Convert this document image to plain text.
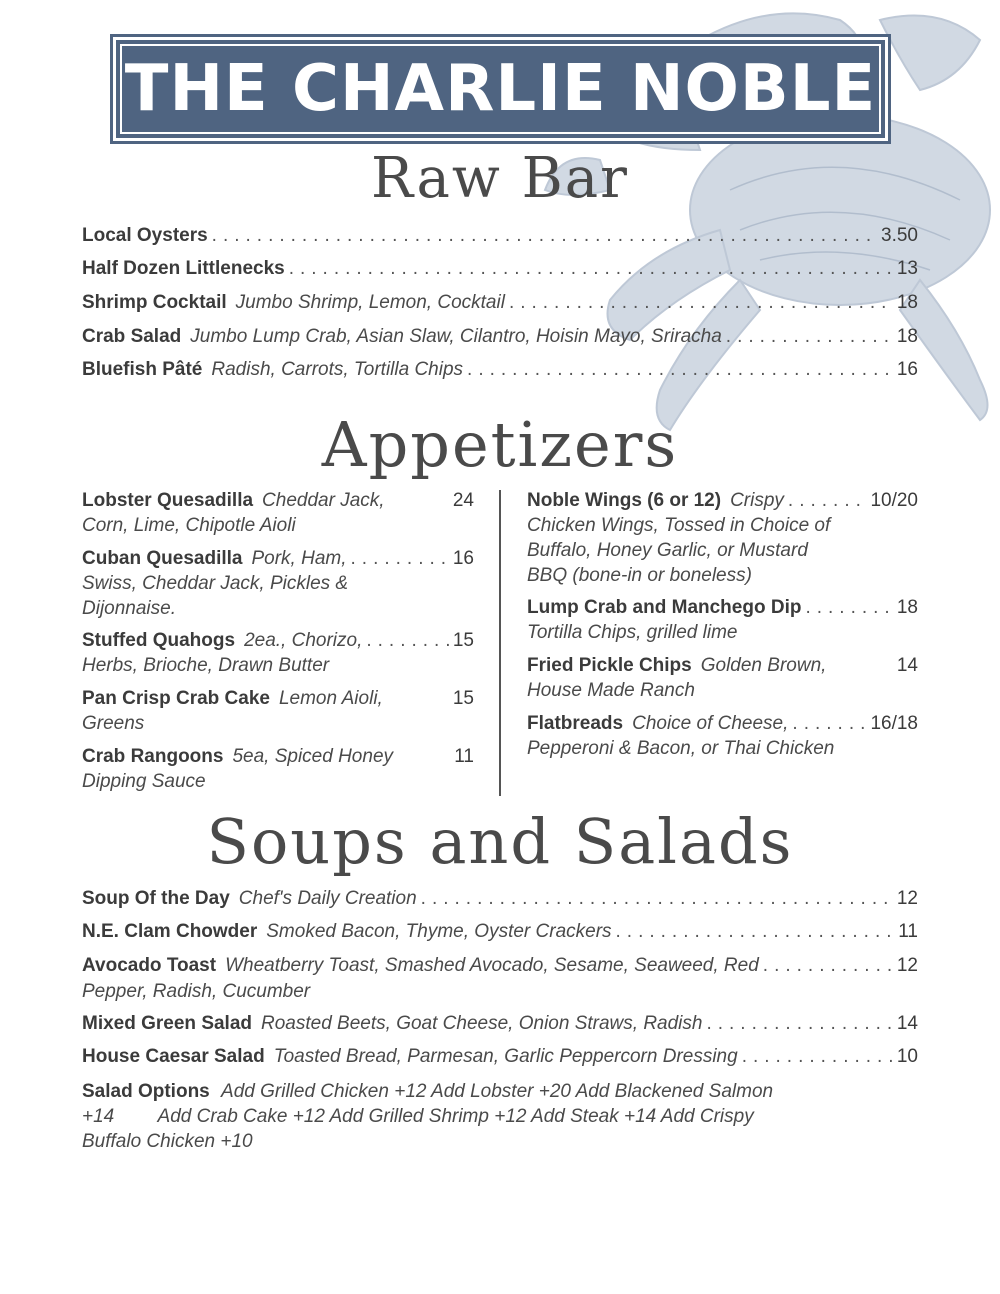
THE CHARLIE NOBLE
Raw Bar
Local Oysters .....	3.50
Half Dozen Littlenecks .....	13
Shrimp Cocktail Jumbo Shrimp, Lemon, Cocktail .....	18
Crab Salad Jumbo Lump Crab, Asian Slaw, Cilantro, Hoisin Mayo, Sriracha .....	18
Bluefish Pâté Radish, Carrots, Tortilla Chips .....	16
Appetizers
Lobster Quesadilla Cheddar Jack,	24
Corn, Lime, Chipotle Aioli
Cuban Quesadilla Pork, Ham, .....	16
Swiss, Cheddar Jack, Pickles &
Dijonnaise.
Stuffed Quahogs 2ea., Chorizo, .....	15
Herbs, Brioche, Drawn Butter
Pan Crisp Crab Cake Lemon Aioli,	15
Greens
Crab Rangoons 5ea, Spiced Honey	11
Dipping Sauce
Noble Wings (6 or 12) Crispy .....	10/20
Chicken Wings, Tossed in Choice of
Buffalo, Honey Garlic, or Mustard
BBQ (bone-in or boneless)
Lump Crab and Manchego Dip .....	18
Tortilla Chips, grilled lime
Fried Pickle Chips Golden Brown,	14
House Made Ranch
Flatbreads Choice of Cheese, .....	16/18
Pepperoni & Bacon, or Thai Chicken
Soups and Salads
Soup Of the Day Chef's Daily Creation .....	12
N.E. Clam Chowder Smoked Bacon, Thyme, Oyster Crackers .....	11
Avocado Toast Wheatberry Toast, Smashed Avocado, Sesame, Seaweed, Red .....	12
Pepper, Radish, Cucumber
Mixed Green Salad Roasted Beets, Goat Cheese, Onion Straws, Radish .....	14
House Caesar Salad Toasted Bread, Parmesan, Garlic Peppercorn Dressing .....	10
Salad Options Add Grilled Chicken +12 Add Lobster +20 Add Blackened Salmon
+14 Add Crab Cake +12 Add Grilled Shrimp +12 Add Steak +14 Add Crispy
Buffalo Chicken +10
